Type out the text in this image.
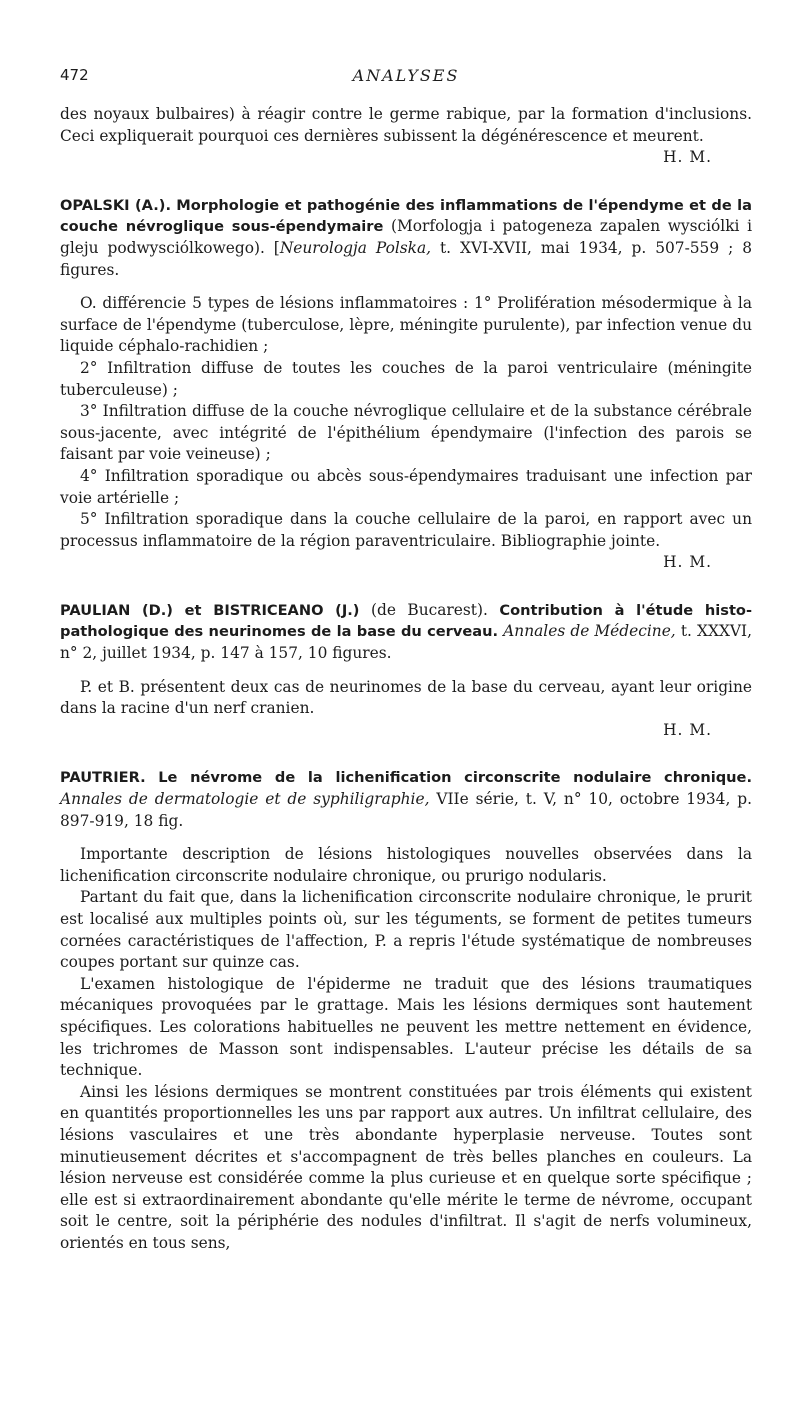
472	ANALYSES

des noyaux bulbaires) à réagir contre le germe rabique, par la formation d'inclusions. Ceci expliquerait pourquoi ces dernières subissent la dégénérescence et meurent.

H. M.

OPALSKI (A.). Morphologie et pathogénie des inflammations de l'épendyme et de la couche névroglique sous-épendymaire (Morfologja i patogeneza zapalen wysciólki i gleju podwysciólkowego). [Neurologja Polska, t. XVI-XVII, mai 1934, p. 507-559 ; 8 figures.

O. différencie 5 types de lésions inflammatoires : 1° Prolifération mésodermique à la surface de l'épendyme (tuberculose, lèpre, méningite purulente), par infection venue du liquide céphalo-rachidien ;

2° Infiltration diffuse de toutes les couches de la paroi ventriculaire (méningite tuberculeuse) ;

3° Infiltration diffuse de la couche névroglique cellulaire et de la substance cérébrale sous-jacente, avec intégrité de l'épithélium épendymaire (l'infection des parois se faisant par voie veineuse) ;

4° Infiltration sporadique ou abcès sous-épendymaires traduisant une infection par voie artérielle ;

5° Infiltration sporadique dans la couche cellulaire de la paroi, en rapport avec un processus inflammatoire de la région paraventriculaire. Bibliographie jointe.

H. M.

PAULIAN (D.) et BISTRICEANO (J.) (de Bucarest). Contribution à l'étude histo-pathologique des neurinomes de la base du cerveau. Annales de Médecine, t. XXXVI, n° 2, juillet 1934, p. 147 à 157, 10 figures.

P. et B. présentent deux cas de neurinomes de la base du cerveau, ayant leur origine dans la racine d'un nerf cranien.

H. M.

PAUTRIER. Le névrome de la lichenification circonscrite nodulaire chronique. Annales de dermatologie et de syphiligraphie, VIIe série, t. V, n° 10, octobre 1934, p. 897-919, 18 fig.

Importante description de lésions histologiques nouvelles observées dans la lichenification circonscrite nodulaire chronique, ou prurigo nodularis.

Partant du fait que, dans la lichenification circonscrite nodulaire chronique, le prurit est localisé aux multiples points où, sur les téguments, se forment de petites tumeurs cornées caractéristiques de l'affection, P. a repris l'étude systématique de nombreuses coupes portant sur quinze cas.

L'examen histologique de l'épiderme ne traduit que des lésions traumatiques mécaniques provoquées par le grattage. Mais les lésions dermiques sont hautement spécifiques. Les colorations habituelles ne peuvent les mettre nettement en évidence, les trichromes de Masson sont indispensables. L'auteur précise les détails de sa technique.

Ainsi les lésions dermiques se montrent constituées par trois éléments qui existent en quantités proportionnelles les uns par rapport aux autres. Un infiltrat cellulaire, des lésions vasculaires et une très abondante hyperplasie nerveuse. Toutes sont minutieusement décrites et s'accompagnent de très belles planches en couleurs. La lésion nerveuse est considérée comme la plus curieuse et en quelque sorte spécifique ; elle est si extraordinairement abondante qu'elle mérite le terme de névrome, occupant soit le centre, soit la périphérie des nodules d'infiltrat. Il s'agit de nerfs volumineux, orientés en tous sens,
